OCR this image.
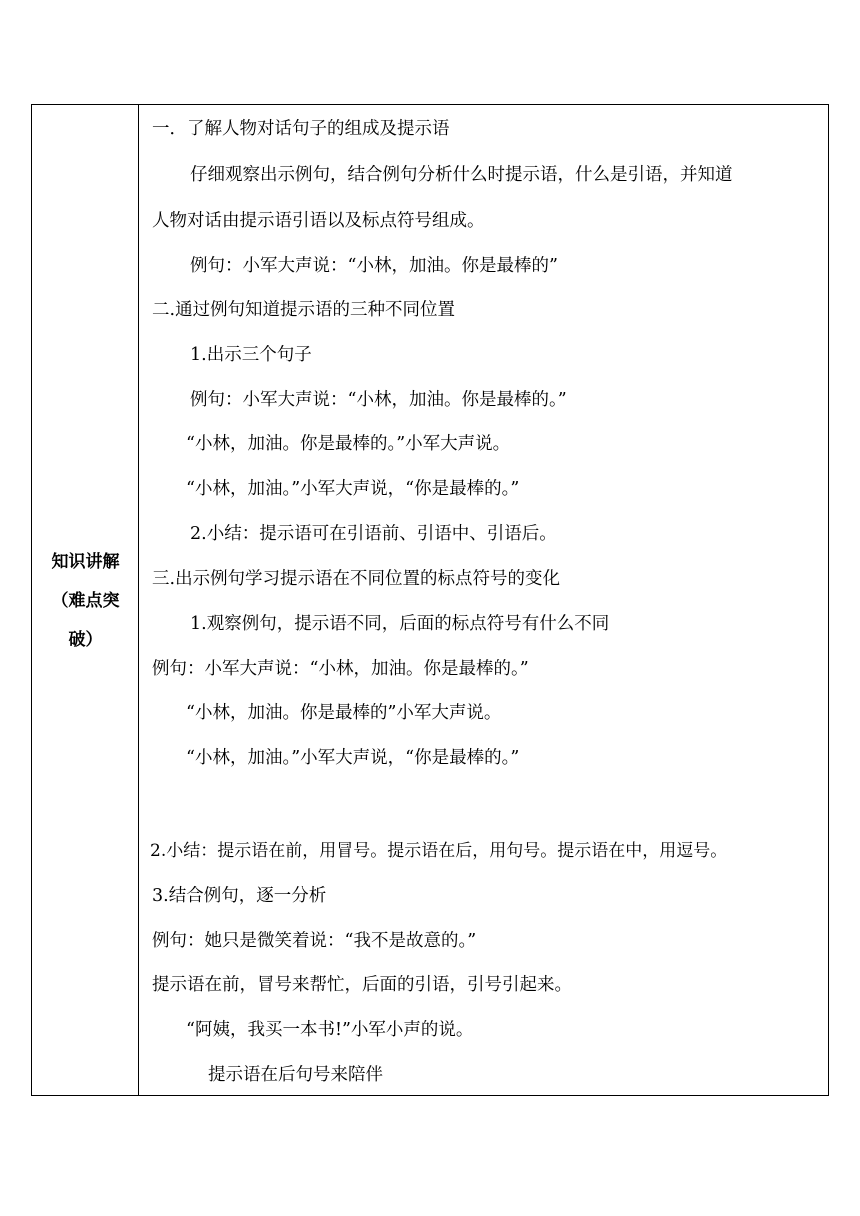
知识讲解
（难点突
破）
一．了解人物对话句子的组成及提示语
仔细观察出示例句，结合例句分析什么时提示语，什么是引语，并知道
人物对话由提示语引语以及标点符号组成。
例句：小军大声说：“小林，加油。你是最棒的”
二.通过例句知道提示语的三种不同位置
1.出示三个句子
例句：小军大声说：“小林，加油。你是最棒的。”
“小林，加油。你是最棒的。”小军大声说。
“小林，加油。”小军大声说，“你是最棒的。”
2.小结：提示语可在引语前、引语中、引语后。
三.出示例句学习提示语在不同位置的标点符号的变化
1.观察例句，提示语不同，后面的标点符号有什么不同
例句：小军大声说：“小林，加油。你是最棒的。”
“小林，加油。你是最棒的”小军大声说。
“小林，加油。”小军大声说，“你是最棒的。”
2.小结：提示语在前，用冒号。提示语在后，用句号。提示语在中，用逗号。
3.结合例句，逐一分析
例句：她只是微笑着说：“我不是故意的。”
提示语在前，冒号来帮忙，后面的引语，引号引起来。
“阿姨，我买一本书!”小军小声的说。
提示语在后句号来陪伴
